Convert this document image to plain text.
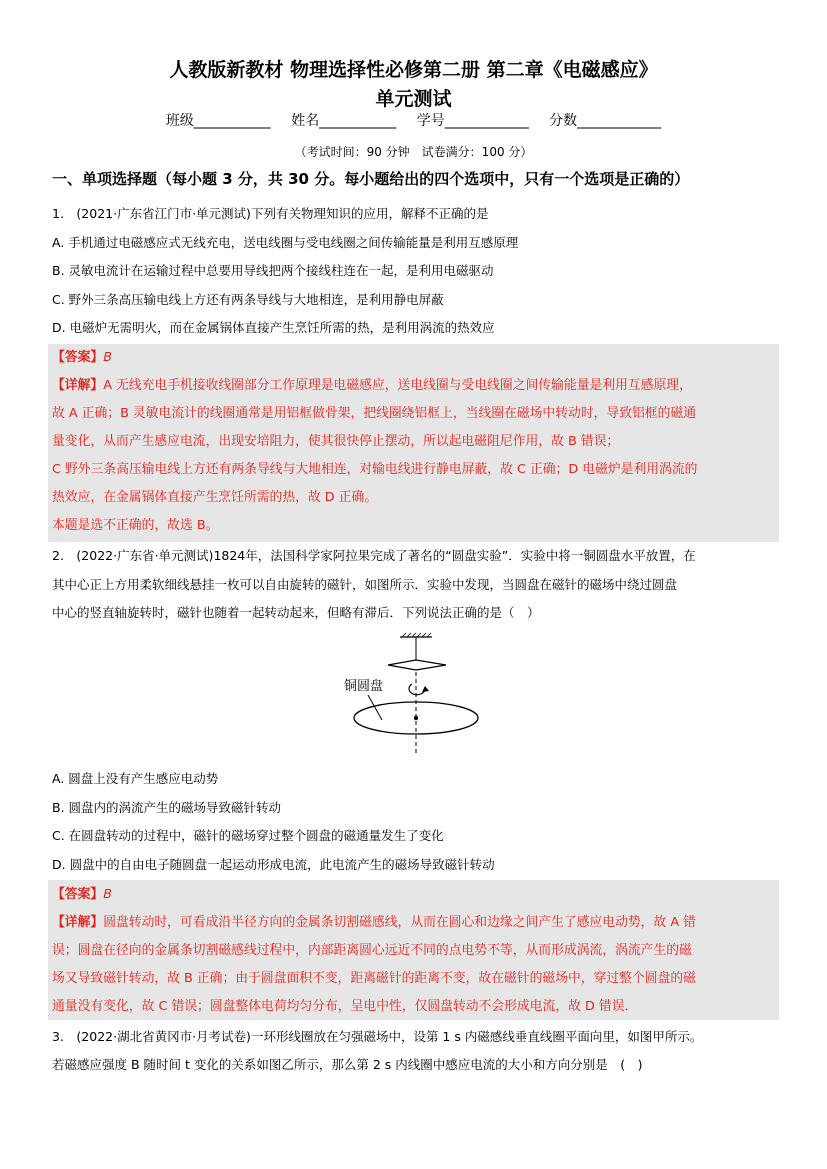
人教版新教材 物理选择性必修第二册 第二章《电磁感应》
单元测试
班级___________ 姓名___________ 学号____________ 分数____________
（考试时间：90 分钟　试卷满分：100 分）
一、单项选择题（每小题 3 分，共 30 分。每小题给出的四个选项中，只有一个选项是正确的）
1.　(2021·广东省江门市·单元测试)下列有关物理知识的应用，解释不正确的是
A. 手机通过电磁感应式无线充电，送电线圈与受电线圈之间传输能量是利用互感原理
B. 灵敏电流计在运输过程中总要用导线把两个接线柱连在一起，是利用电磁驱动
C. 野外三条高压输电线上方还有两条导线与大地相连，是利用静电屏蔽
D. 电磁炉无需明火，而在金属锅体直接产生烹饪所需的热，是利用涡流的热效应
【答案】B
【详解】A 无线充电手机接收线圈部分工作原理是电磁感应，送电线圈与受电线圈之间传输能量是利用互感原理，
故 A 正确；B 灵敏电流计的线圈通常是用铝框做骨架，把线圈绕铝框上，当线圈在磁场中转动时，导致铝框的磁通
量变化，从而产生感应电流，出现安培阻力，使其很快停止摆动，所以起电磁阻尼作用，故 B 错误；
C 野外三条高压输电线上方还有两条导线与大地相连，对输电线进行静电屏蔽，故 C 正确；D 电磁炉是利用涡流的
热效应，在金属锅体直接产生烹饪所需的热，故 D 正确。
本题是选不正确的，故选 B。
2.　(2022·广东省·单元测试)1824年，法国科学家阿拉果完成了著名的“圆盘实验”．实验中将一铜圆盘水平放置，在
其中心正上方用柔软细线悬挂一枚可以自由旋转的磁针，如图所示．实验中发现，当圆盘在磁针的磁场中绕过圆盘
中心的竖直轴旋转时，磁针也随着一起转动起来，但略有滞后．下列说法正确的是（　）
铜圆盘
A. 圆盘上没有产生感应电动势
B. 圆盘内的涡流产生的磁场导致磁针转动
C. 在圆盘转动的过程中，磁针的磁场穿过整个圆盘的磁通量发生了变化
D. 圆盘中的自由电子随圆盘一起运动形成电流，此电流产生的磁场导致磁针转动
【答案】B
【详解】圆盘转动时，可看成沿半径方向的金属条切割磁感线，从而在圆心和边缘之间产生了感应电动势，故 A 错
误；圆盘在径向的金属条切割磁感线过程中，内部距离圆心远近不同的点电势不等，从而形成涡流，涡流产生的磁
场又导致磁针转动，故 B 正确；由于圆盘面积不变，距离磁针的距离不变，故在磁针的磁场中，穿过整个圆盘的磁
通量没有变化，故 C 错误；圆盘整体电荷均匀分布，呈电中性，仅圆盘转动不会形成电流，故 D 错误．
3.　(2022·湖北省黄冈市·月考试卷)一环形线圈放在匀强磁场中，设第 1 s 内磁感线垂直线圈平面向里，如图甲所示。
若磁感应强度 B 随时间 t 变化的关系如图乙所示，那么第 2 s 内线圈中感应电流的大小和方向分别是　(　)
